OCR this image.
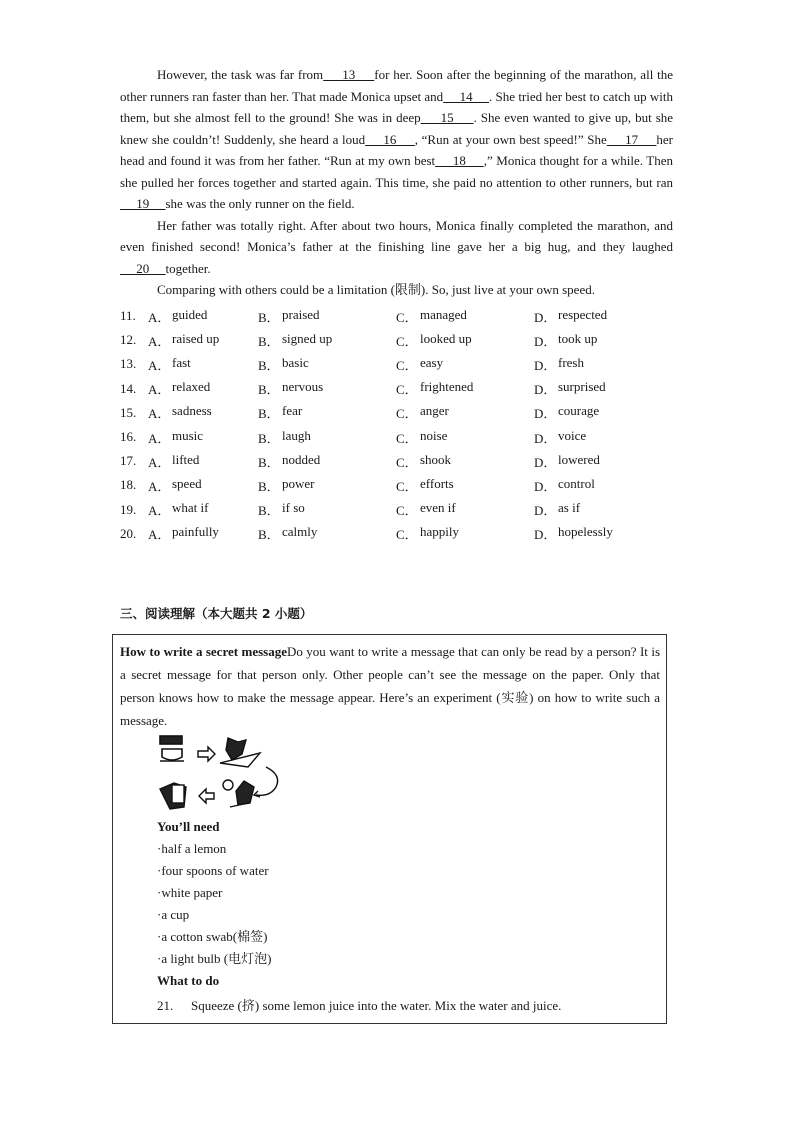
However, the task was far from     13     for her. Soon after the beginning of the marathon, all the other runners ran faster than her. That made Monica upset and     14     . She tried her best to catch up with them, but she almost fell to the ground! She was in deep     15     . She even wanted to give up, but she knew she couldn’t! Suddenly, she heard a loud     16     , “Run at your own best speed!” She     17     her head and found it was from her father. “Run at my own best     18     ,” Monica thought for a while. Then she pulled her forces together and started again. This time, she paid no attention to other runners, but ran     19     she was the only runner on the field.

Her father was totally right. After about two hours, Monica finally completed the marathon, and even finished second! Monica’s father at the finishing line gave her a big hug, and they laughed     20     together.

Comparing with others could be a limitation (限制). So, just live at your own speed.

11. A． guided	B． praised	C． managed	D． respected
12. A． raised up	B． signed up	C． looked up	D． took up
13. A． fast	B． basic	C． easy	D． fresh
14. A． relaxed	B． nervous	C． frightened	D． surprised
15. A． sadness	B． fear	C． anger	D． courage
16. A． music	B． laugh	C． noise	D． voice
17. A． lifted	B． nodded	C． shook	D． lowered
18. A． speed	B． power	C． efforts	D． control
19. A． what if	B． if so	C． even if	D． as if
20. A． painfully	B． calmly	C． happily	D． hopelessly
三、阅读理解（本大题共 2 小题）
How to write a secret messageDo you want to write a message that can only be read by a person? It is a secret message for that person only. Other people can’t see the message on the paper. Only that person knows how to make the message appear. Here’s an experiment (实验) on how to write such a message.
You’ll need
·half a lemon
·four spoons of water
·white paper
·a cup
·a cotton swab(棉签)
·a light bulb (电灯泡)
What to do
21. Squeeze (挤) some lemon juice into the water. Mix the water and juice.
